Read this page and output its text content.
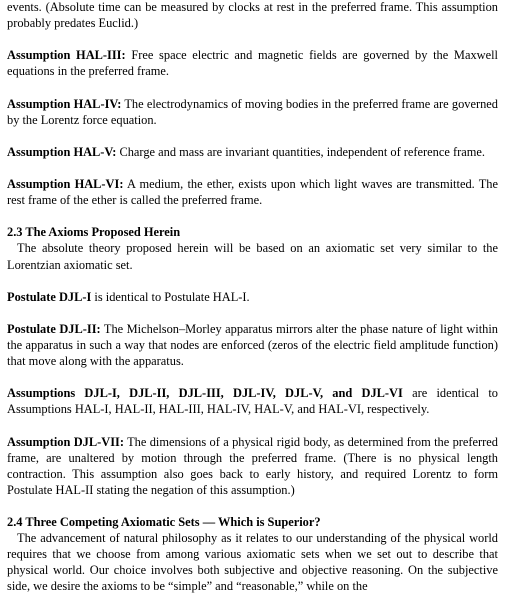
events. (Absolute time can be measured by clocks at rest in the preferred frame. This assumption probably predates Euclid.)

Assumption HAL-III: Free space electric and magnetic fields are governed by the Maxwell equations in the preferred frame.

Assumption HAL-IV: The electrodynamics of moving bodies in the preferred frame are governed by the Lorentz force equation.

Assumption HAL-V: Charge and mass are invariant quantities, independent of reference frame.

Assumption HAL-VI: A medium, the ether, exists upon which light waves are transmitted. The rest frame of the ether is called the preferred frame.

2.3 The Axioms Proposed Herein

The absolute theory proposed herein will be based on an axiomatic set very similar to the Lorentzian axiomatic set.

Postulate DJL-I is identical to Postulate HAL-I.

Postulate DJL-II: The Michelson–Morley apparatus mirrors alter the phase nature of light within the apparatus in such a way that nodes are enforced (zeros of the electric field amplitude function) that move along with the apparatus.

Assumptions DJL-I, DJL-II, DJL-III, DJL-IV, DJL-V, and DJL-VI are identical to Assumptions HAL-I, HAL-II, HAL-III, HAL-IV, HAL-V, and HAL-VI, respectively.

Assumption DJL-VII: The dimensions of a physical rigid body, as determined from the preferred frame, are unaltered by motion through the preferred frame. (There is no physical length contraction. This assumption also goes back to early history, and required Lorentz to form Postulate HAL-II stating the negation of this assumption.)

2.4 Three Competing Axiomatic Sets — Which is Superior?

The advancement of natural philosophy as it relates to our understanding of the physical world requires that we choose from among various axiomatic sets when we set out to describe that physical world. Our choice involves both subjective and objective reasoning. On the subjective side, we desire the axioms to be “simple” and “reasonable,” while on the
